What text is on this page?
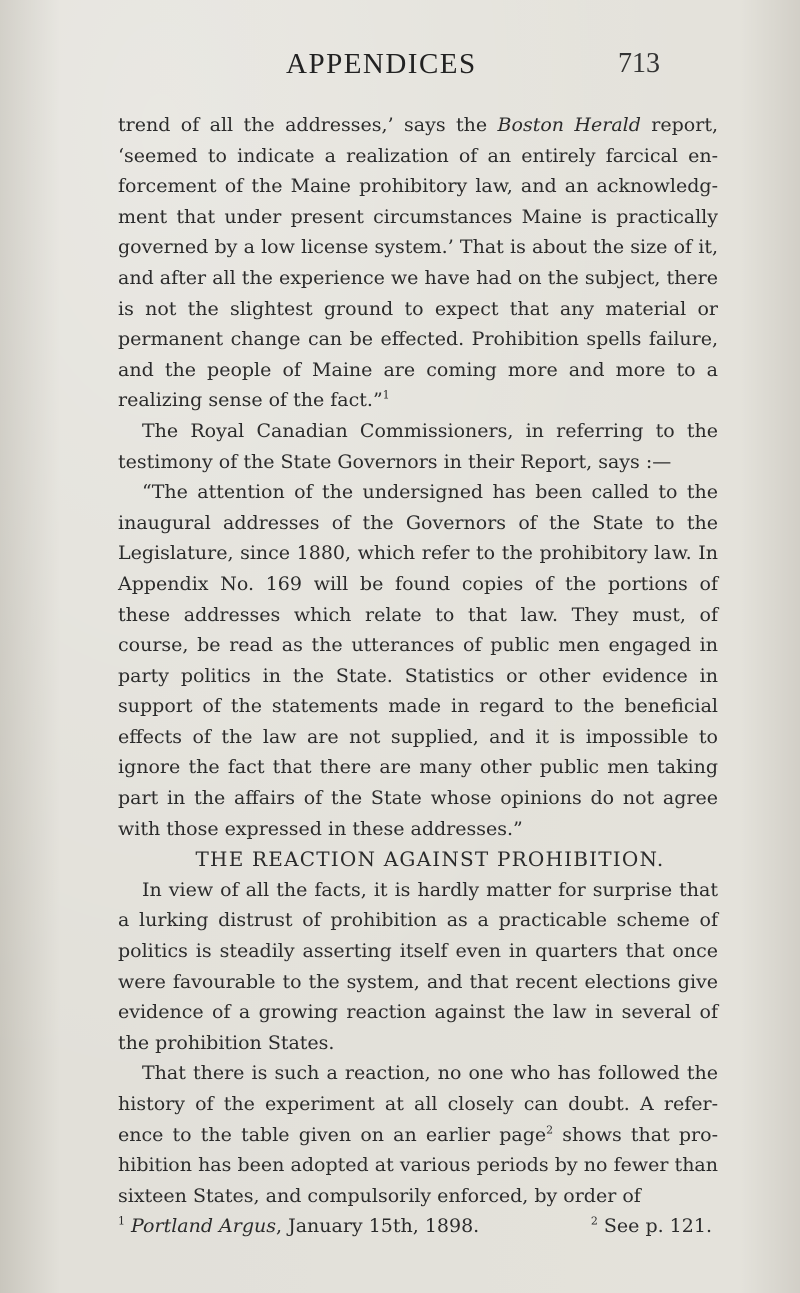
APPENDICES	713

trend of all the addresses,’ says the Boston Herald report, ‘seemed to indicate a realization of an entirely farcical en-forcement of the Maine prohibitory law, and an acknowledg-ment that under present circumstances Maine is practically governed by a low license system.’ That is about the size of it, and after all the experience we have had on the subject, there is not the slightest ground to expect that any material or permanent change can be effected. Prohibition spells failure, and the people of Maine are coming more and more to a realizing sense of the fact.”$^1$

The Royal Canadian Commissioners, in referring to the testimony of the State Governors in their Report, says :—

“The attention of the undersigned has been called to the inaugural addresses of the Governors of the State to the Legislature, since 1880, which refer to the prohibitory law. In Appendix No. 169 will be found copies of the portions of these addresses which relate to that law. They must, of course, be read as the utterances of public men engaged in party politics in the State. Statistics or other evidence in support of the statements made in regard to the beneficial effects of the law are not supplied, and it is impossible to ignore the fact that there are many other public men taking part in the affairs of the State whose opinions do not agree with those expressed in these addresses.”

THE REACTION AGAINST PROHIBITION.

In view of all the facts, it is hardly matter for surprise that a lurking distrust of prohibition as a practicable scheme of politics is steadily asserting itself even in quarters that once were favourable to the system, and that recent elections give evidence of a growing reaction against the law in several of the prohibition States.

That there is such a reaction, no one who has followed the history of the experiment at all closely can doubt. A refer-ence to the table given on an earlier page$^2$ shows that pro-hibition has been adopted at various periods by no fewer than sixteen States, and compulsorily enforced, by order of

$^1$ Portland Argus, January 15th, 1898.	$^2$ See p. 121.
